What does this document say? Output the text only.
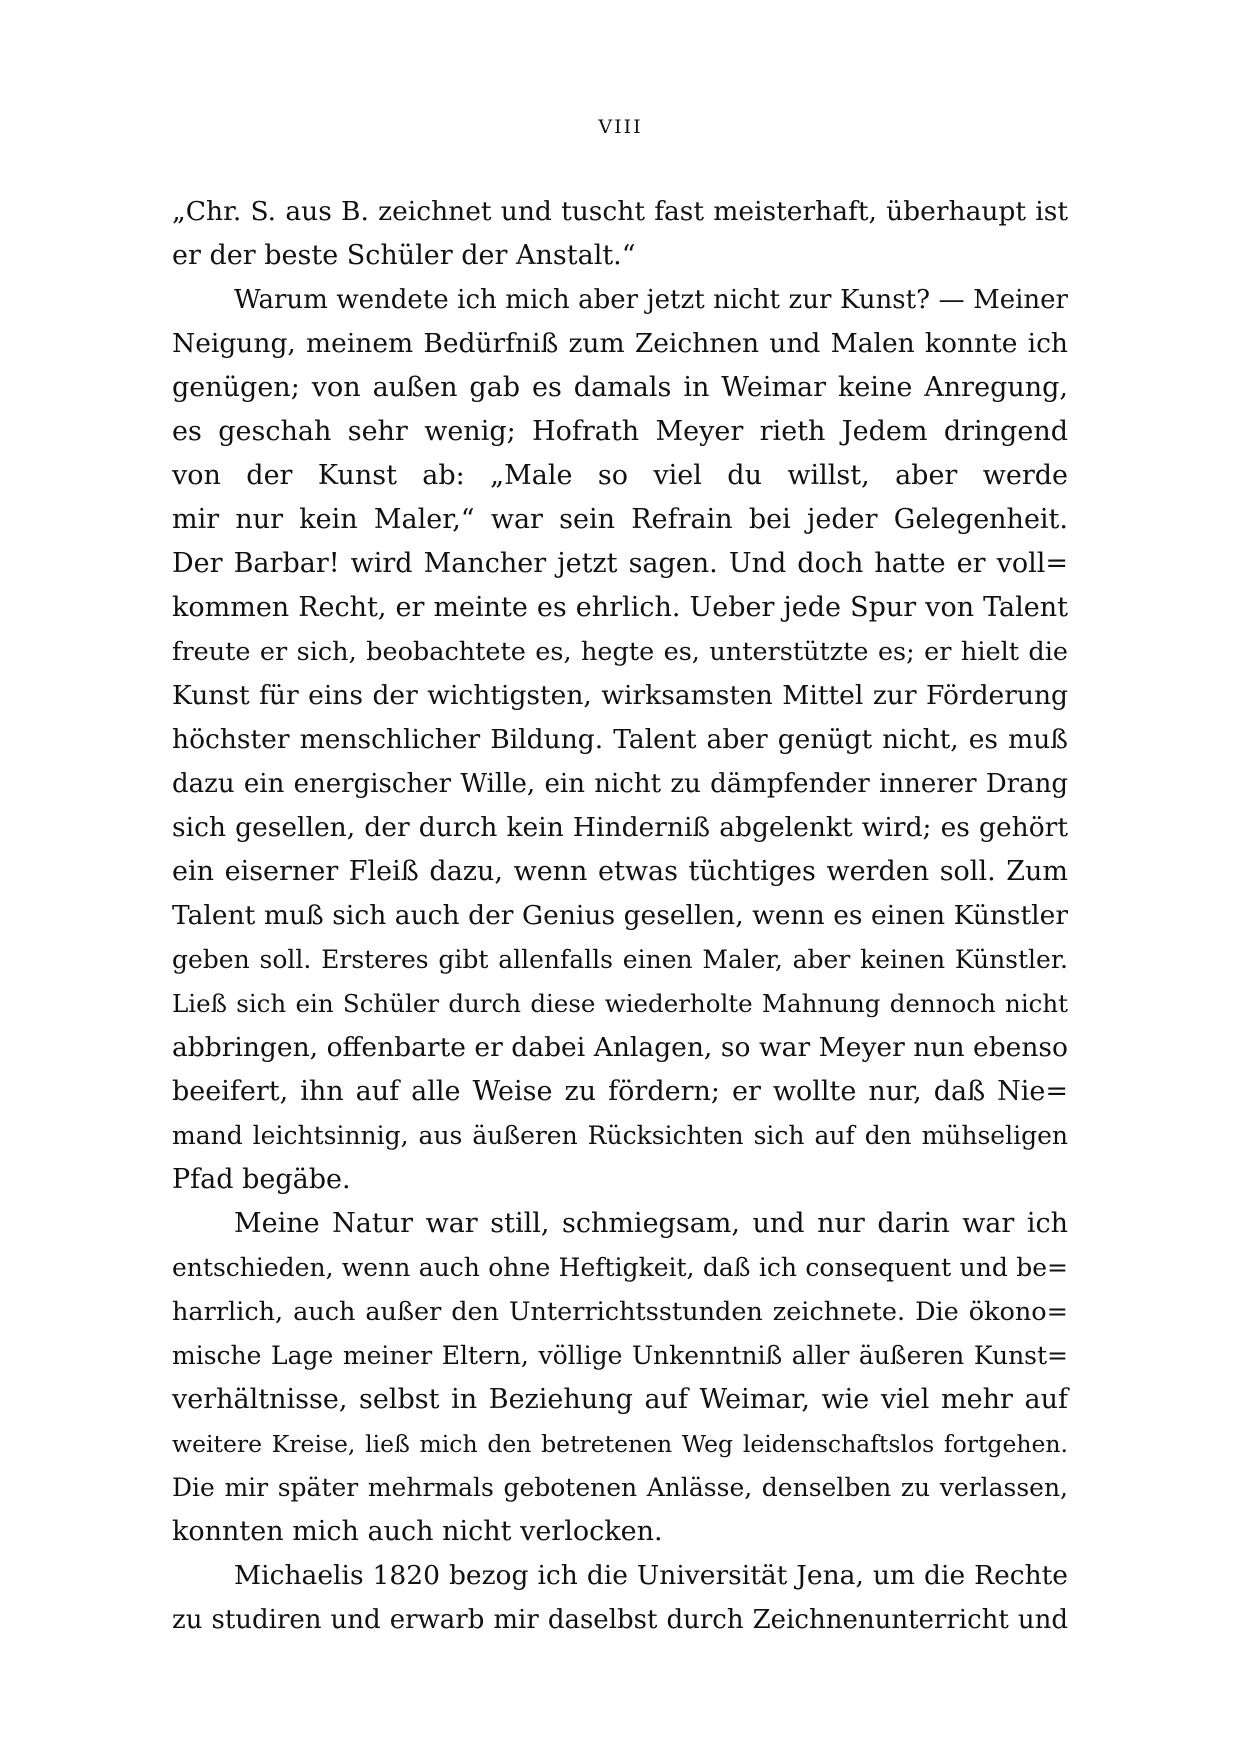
VIII
„Chr. S. aus B. zeichnet und tuscht fast meisterhaft, überhaupt ist
er der beste Schüler der Anstalt.“
Warum wendete ich mich aber jetzt nicht zur Kunst? — Meiner
Neigung, meinem Bedürfniß zum Zeichnen und Malen konnte ich
genügen; von außen gab es damals in Weimar keine Anregung,
es geschah sehr wenig; Hofrath Meyer rieth Jedem dringend
von der Kunst ab: „Male so viel du willst, aber werde
mir nur kein Maler,“ war sein Refrain bei jeder Gelegenheit.
Der Barbar! wird Mancher jetzt sagen. Und doch hatte er voll=
kommen Recht, er meinte es ehrlich. Ueber jede Spur von Talent
freute er sich, beobachtete es, hegte es, unterstützte es; er hielt die
Kunst für eins der wichtigsten, wirksamsten Mittel zur Förderung
höchster menschlicher Bildung. Talent aber genügt nicht, es muß
dazu ein energischer Wille, ein nicht zu dämpfender innerer Drang
sich gesellen, der durch kein Hinderniß abgelenkt wird; es gehört
ein eiserner Fleiß dazu, wenn etwas tüchtiges werden soll. Zum
Talent muß sich auch der Genius gesellen, wenn es einen Künstler
geben soll. Ersteres gibt allenfalls einen Maler, aber keinen Künstler.
Ließ sich ein Schüler durch diese wiederholte Mahnung dennoch nicht
abbringen, offenbarte er dabei Anlagen, so war Meyer nun ebenso
beeifert, ihn auf alle Weise zu fördern; er wollte nur, daß Nie=
mand leichtsinnig, aus äußeren Rücksichten sich auf den mühseligen
Pfad begäbe.
Meine Natur war still, schmiegsam, und nur darin war ich
entschieden, wenn auch ohne Heftigkeit, daß ich consequent und be=
harrlich, auch außer den Unterrichtsstunden zeichnete. Die ökono=
mische Lage meiner Eltern, völlige Unkenntniß aller äußeren Kunst=
verhältnisse, selbst in Beziehung auf Weimar, wie viel mehr auf
weitere Kreise, ließ mich den betretenen Weg leidenschaftslos fortgehen.
Die mir später mehrmals gebotenen Anlässe, denselben zu verlassen,
konnten mich auch nicht verlocken.
Michaelis 1820 bezog ich die Universität Jena, um die Rechte
zu studiren und erwarb mir daselbst durch Zeichnenunterricht und
